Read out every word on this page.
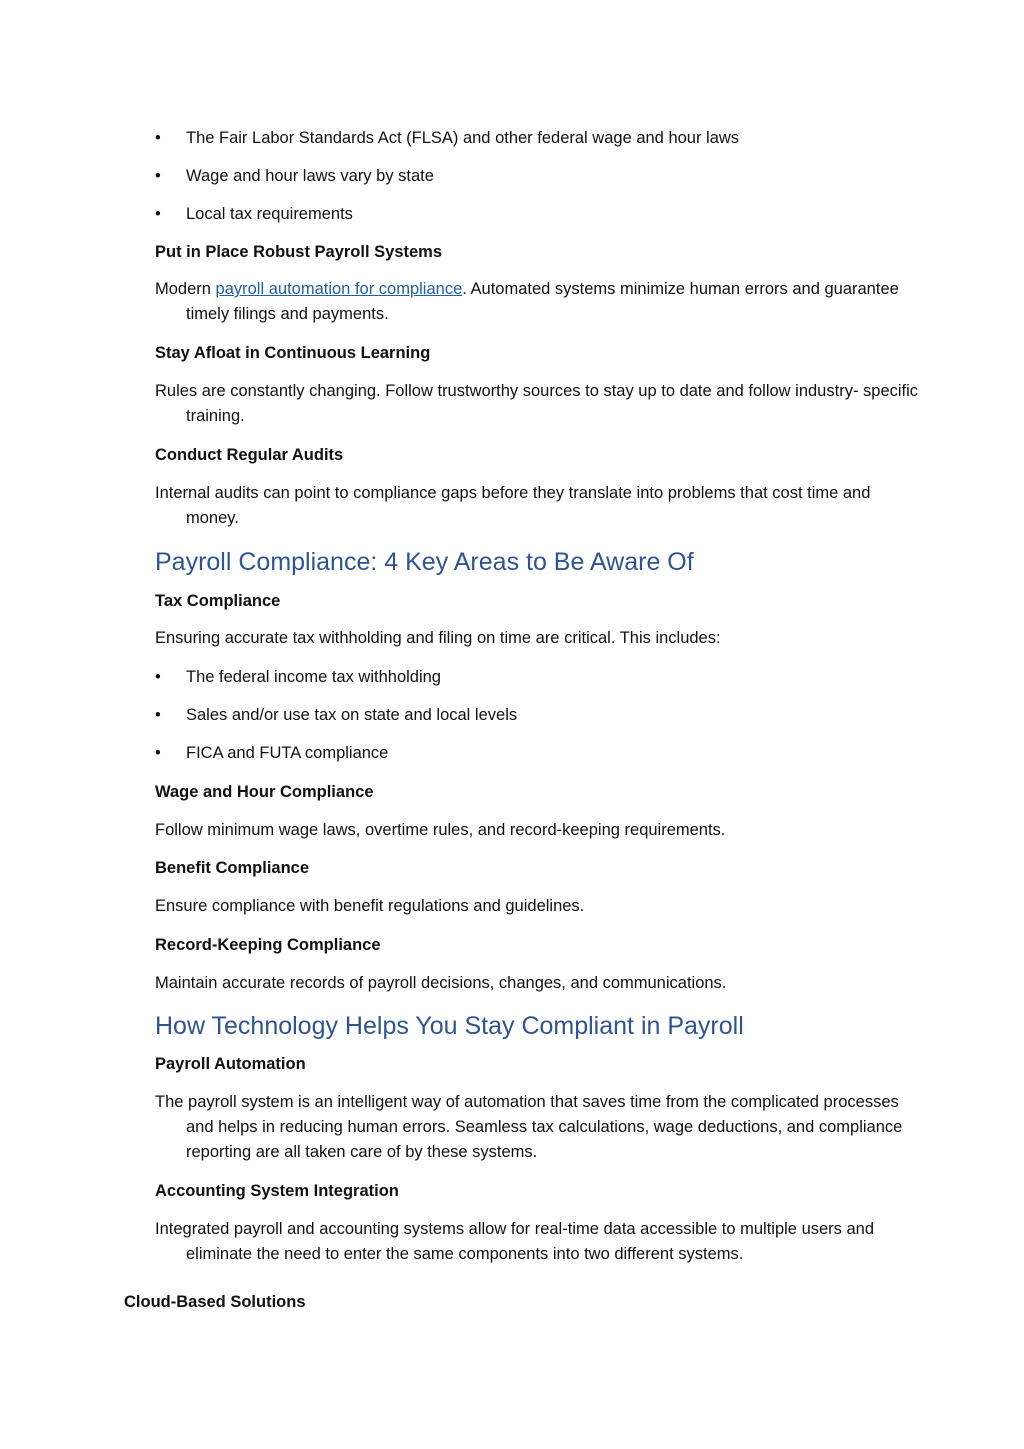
•	The Fair Labor Standards Act (FLSA) and other federal wage and hour laws
•	Wage and hour laws vary by state
•	Local tax requirements
Put in Place Robust Payroll Systems

Modern payroll automation for compliance. Automated systems minimize human errors and guarantee timely filings and payments.

Stay Afloat in Continuous Learning

Rules are constantly changing. Follow trustworthy sources to stay up to date and follow industry- specific training.

Conduct Regular Audits

Internal audits can point to compliance gaps before they translate into problems that cost time and money.

Payroll Compliance: 4 Key Areas to Be Aware Of
Tax Compliance

Ensuring accurate tax withholding and filing on time are critical. This includes:

•	The federal income tax withholding
•	Sales and/or use tax on state and local levels
•	FICA and FUTA compliance
Wage and Hour Compliance

Follow minimum wage laws, overtime rules, and record-keeping requirements.

Benefit Compliance

Ensure compliance with benefit regulations and guidelines.

Record-Keeping Compliance

Maintain accurate records of payroll decisions, changes, and communications.

How Technology Helps You Stay Compliant in Payroll
Payroll Automation

The payroll system is an intelligent way of automation that saves time from the complicated processes and helps in reducing human errors. Seamless tax calculations, wage deductions, and compliance reporting are all taken care of by these systems.

Accounting System Integration

Integrated payroll and accounting systems allow for real-time data accessible to multiple users and eliminate the need to enter the same components into two different systems.

Cloud-Based Solutions
